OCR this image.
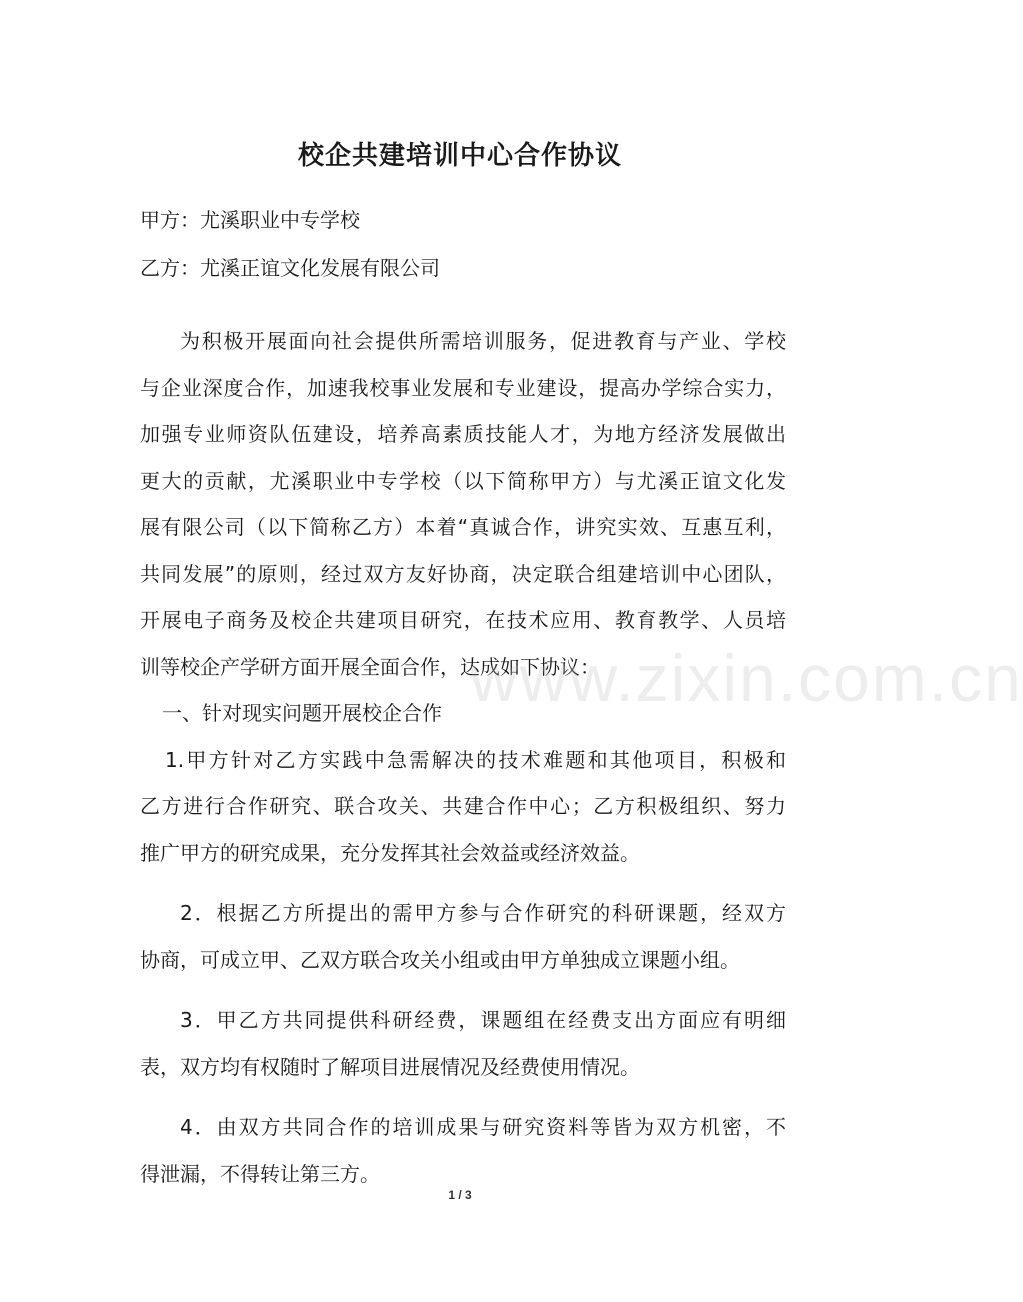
校企共建培训中心合作协议
甲方：尤溪职业中专学校
乙方：尤溪正谊文化发展有限公司
为积极开展面向社会提供所需培训服务，促进教育与产业、学校
与企业深度合作，加速我校事业发展和专业建设，提高办学综合实力，
加强专业师资队伍建设，培养高素质技能人才，为地方经济发展做出
更大的贡献，尤溪职业中专学校（以下简称甲方）与尤溪正谊文化发
展有限公司（以下简称乙方）本着“真诚合作，讲究实效、互惠互利，
共同发展”的原则，经过双方友好协商，决定联合组建培训中心团队，
开展电子商务及校企共建项目研究，在技术应用、教育教学、人员培
训等校企产学研方面开展全面合作，达成如下协议：
一、针对现实问题开展校企合作
1.甲方针对乙方实践中急需解决的技术难题和其他项目，积极和
乙方进行合作研究、联合攻关、共建合作中心；乙方积极组织、努力
推广甲方的研究成果，充分发挥其社会效益或经济效益。
2．根据乙方所提出的需甲方参与合作研究的科研课题，经双方
协商，可成立甲、乙双方联合攻关小组或由甲方单独成立课题小组。
3．甲乙方共同提供科研经费，课题组在经费支出方面应有明细
表，双方均有权随时了解项目进展情况及经费使用情况。
4．由双方共同合作的培训成果与研究资料等皆为双方机密，不
得泄漏，不得转让第三方。
www.zixin.com.cn
1 / 3
